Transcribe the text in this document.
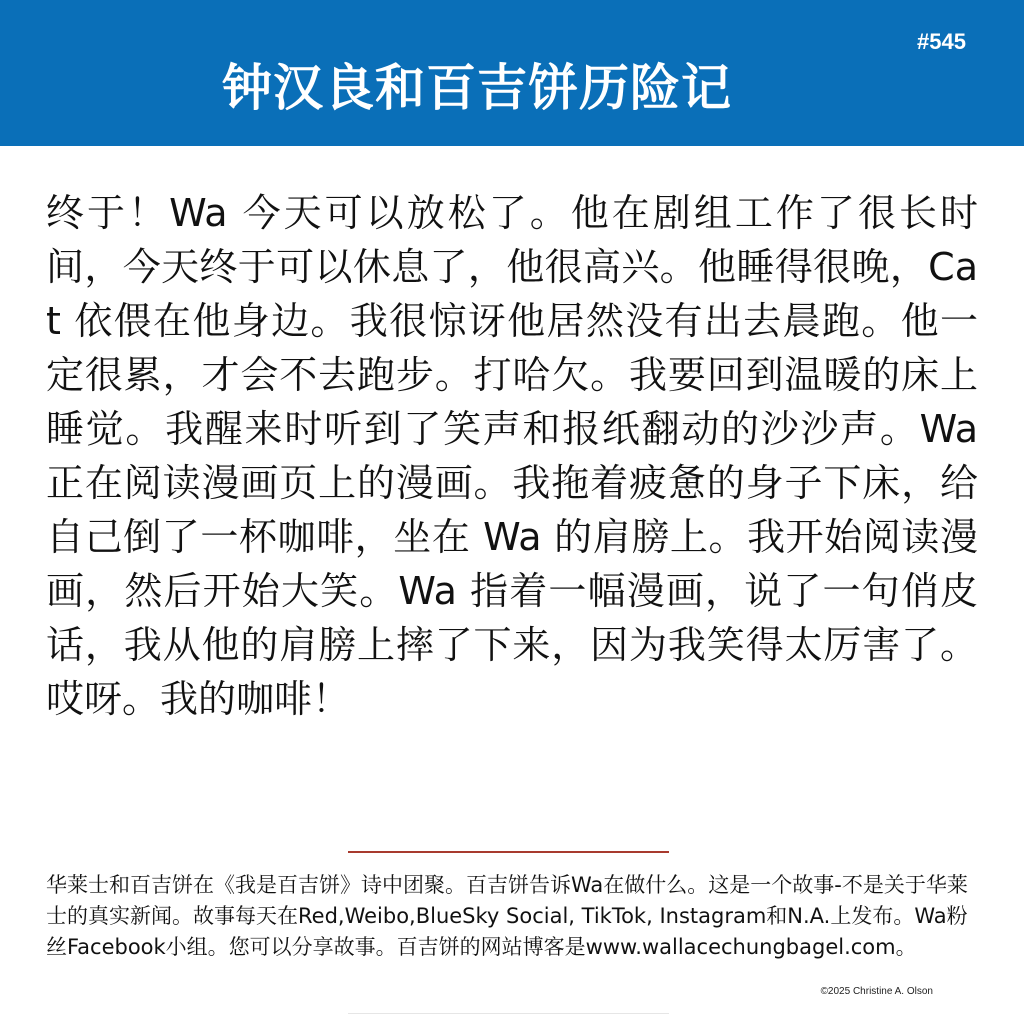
钟汉良和百吉饼历险记
#545

终于！Wa 今天可以放松了。他在剧组工作了很长时间，今天终于可以休息了，他很高兴。他睡得很晚，Cat 依偎在他身边。我很惊讶他居然没有出去晨跑。他一定很累，才会不去跑步。打哈欠。我要回到温暖的床上睡觉。我醒来时听到了笑声和报纸翻动的沙沙声。Wa 正在阅读漫画页上的漫画。我拖着疲惫的身子下床，给自己倒了一杯咖啡，坐在 Wa 的肩膀上。我开始阅读漫画，然后开始大笑。Wa 指着一幅漫画，说了一句俏皮话，我从他的肩膀上摔了下来，因为我笑得太厉害了。哎呀。我的咖啡！

华莱士和百吉饼在《我是百吉饼》诗中团聚。百吉饼告诉Wa在做什么。这是一个故事-不是关于华莱士的真实新闻。故事每天在Red,Weibo,BlueSky Social, TikTok, Instagram和N.A.上发布。Wa粉丝Facebook小组。您可以分享故事。百吉饼的网站博客是www.wallacechungbagel.com。

©2025 Christine A. Olson
